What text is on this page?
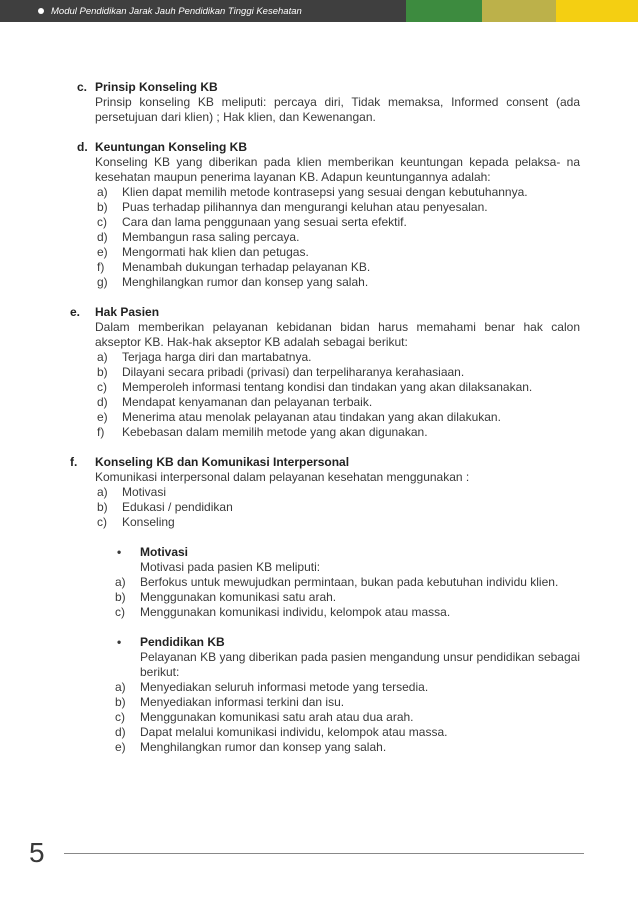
Modul Pendidikan Jarak Jauh Pendidikan Tinggi Kesehatan
c. Prinsip Konseling KB
Prinsip konseling KB meliputi: percaya diri, Tidak memaksa, Informed consent (ada persetujuan dari klien) ; Hak klien, dan Kewenangan.
d. Keuntungan Konseling KB
Konseling KB yang diberikan pada klien memberikan keuntungan kepada pelaksa- na kesehatan maupun penerima layanan KB. Adapun keuntungannya adalah:
a) Klien dapat memilih metode kontrasepsi yang sesuai dengan kebutuhannya.
b) Puas terhadap pilihannya dan mengurangi keluhan atau penyesalan.
c) Cara dan lama penggunaan yang sesuai serta efektif.
d) Membangun rasa saling percaya.
e) Mengormati hak klien dan petugas.
f) Menambah dukungan terhadap pelayanan KB.
g) Menghilangkan rumor dan konsep yang salah.
e. Hak Pasien
Dalam memberikan pelayanan kebidanan bidan harus memahami benar hak calon akseptor KB. Hak-hak akseptor KB adalah sebagai berikut:
a) Terjaga harga diri dan martabatnya.
b) Dilayani secara pribadi (privasi) dan terpeliharanya kerahasiaan.
c) Memperoleh informasi tentang kondisi dan tindakan yang akan dilaksanakan.
d) Mendapat kenyamanan dan pelayanan terbaik.
e) Menerima atau menolak pelayanan atau tindakan yang akan dilakukan.
f) Kebebasan dalam memilih metode yang akan digunakan.
f. Konseling KB dan Komunikasi Interpersonal
Komunikasi interpersonal dalam pelayanan kesehatan menggunakan :
a) Motivasi
b) Edukasi / pendidikan
c) Konseling
• Motivasi
Motivasi pada pasien KB meliputi:
a) Berfokus untuk mewujudkan permintaan, bukan pada kebutuhan individu klien.
b) Menggunakan komunikasi satu arah.
c) Menggunakan komunikasi individu, kelompok atau massa.
• Pendidikan KB
Pelayanan KB yang diberikan pada pasien mengandung unsur pendidikan sebagai berikut:
a) Menyediakan seluruh informasi metode yang tersedia.
b) Menyediakan informasi terkini dan isu.
c) Menggunakan komunikasi satu arah atau dua arah.
d) Dapat melalui komunikasi individu, kelompok atau massa.
e) Menghilangkan rumor dan konsep yang salah.
5
